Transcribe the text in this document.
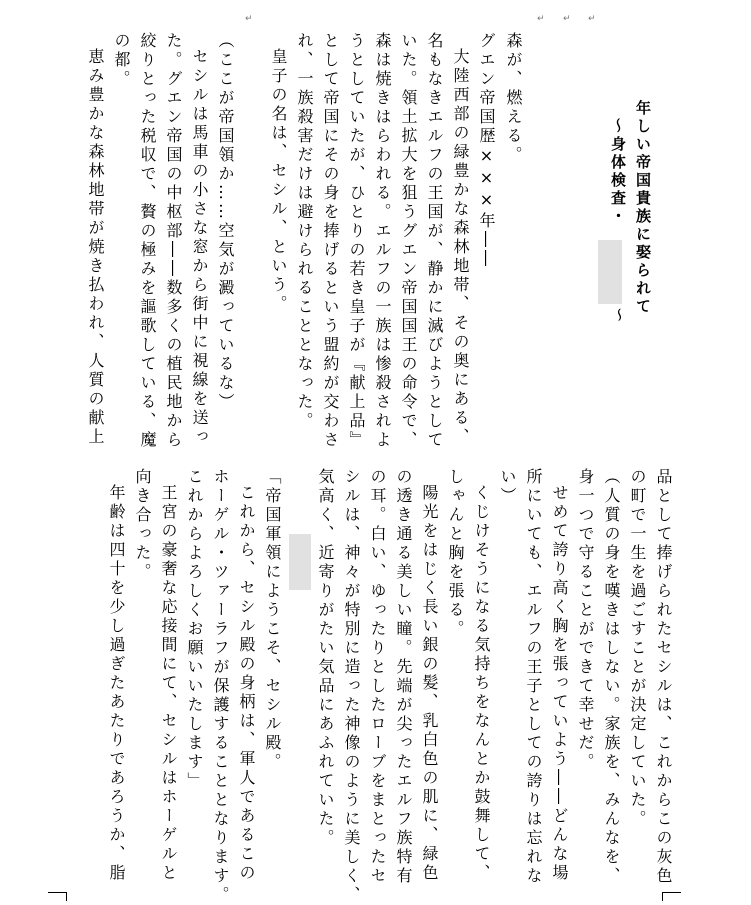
年しい帝国貴族に娶られて
〜身体検査・
〜
↵
↵
↵
↵
森が、燃える。
グエン帝国歴×××年――
大陸西部の緑豊かな森林地帯、その奥にある、
名もなきエルフの王国が、静かに滅びようとして
いた。領土拡大を狙うグエン帝国国王の命令で、
森は焼きはらわれる。エルフの一族は惨殺されよ
うとしていたが、ひとりの若き皇子が『献上品』
として帝国にその身を捧げるという盟約が交わさ
れ、一族殺害だけは避けられることとなった。
皇子の名は、セシル、という。
（ここが帝国領か……空気が澱っているな）
セシルは馬車の小さな窓から街中に視線を送っ
た。グエン帝国の中枢部――数多くの植民地から
絞りとった税収で、贅の極みを謳歌している、魔
の都。
恵み豊かな森林地帯が焼き払われ、人質の献上
品として捧げられたセシルは、これからこの灰色
の町で一生を過ごすことが決定していた。
（人質の身を嘆きはしない。家族を、みんなを、
身一つで守ることができて幸せだ。
せめて誇り高く胸を張っていよう――どんな場
所にいても、エルフの王子としての誇りは忘れな
い）
くじけそうになる気持ちをなんとか鼓舞して、
しゃんと胸を張る。
陽光をはじく長い銀の髪、乳白色の肌に、緑色
の透き通る美しい瞳。先端が尖ったエルフ族特有
の耳。白い、ゆったりとしたローブをまとったセ
シルは、神々が特別に造った神像のように美しく、
気高く、近寄りがたい気品にあふれていた。
「帝国軍領にようこそ、セシル殿。
これから、セシル殿の身柄は、軍人であるこの
ホーゲル・ツァーラフが保護することとなります。
これからよろしくお願いいたします」
王宮の豪奢な応接間にて、セシルはホーゲルと
向き合った。
年齢は四十を少し過ぎたあたりであろうか、脂
